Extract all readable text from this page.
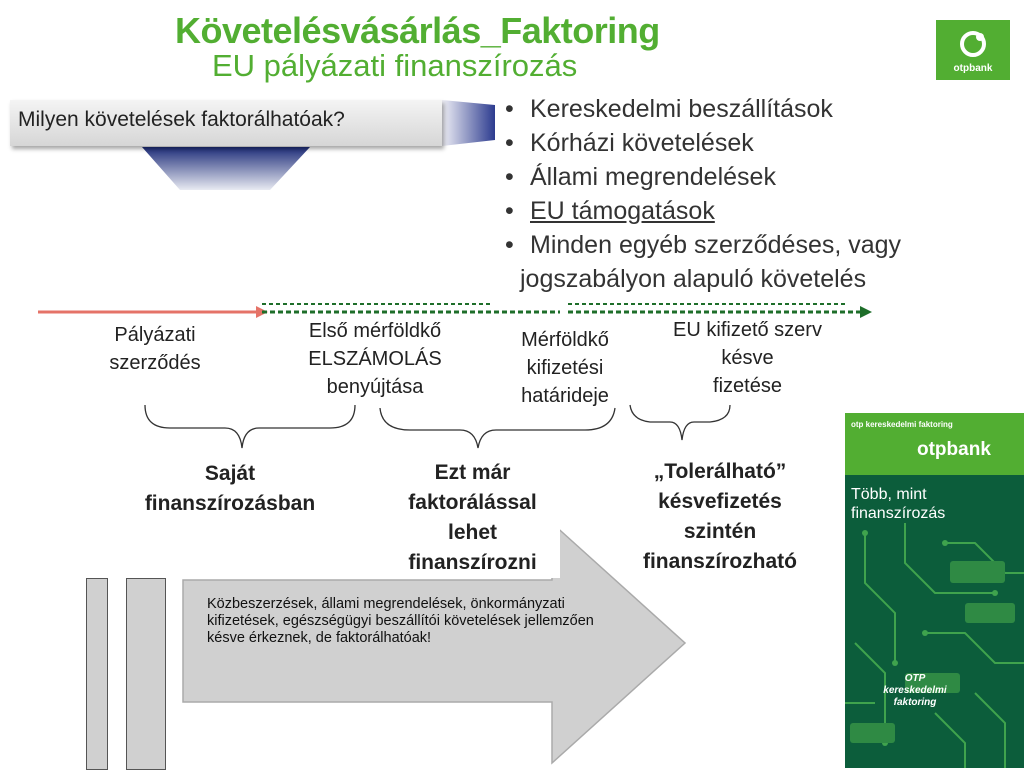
Követelésvásárlás_Faktoring
EU pályázati finanszírozás	otpbank
Milyen követelések faktorálhatóak?	• Kereskedelmi beszállítások
• Kórházi követelések
• Állami megrendelések
• EU támogatások
• Minden egyéb szerződéses, vagy
jogszabályon alapuló követelés
Pályázati
szerződés
Első mérföldkő
ELSZÁMOLÁS
benyújtása
Mérföldkő
kifizetési
határideje
EU kifizető szerv
késve
fizetése
Saját
finanszírozásban
Ezt már
faktorálással
lehet
finanszírozni
„Tolerálható”
késvefizetés
szintén
finanszírozható
Közbeszerzések, állami megrendelések, önkormányzati kifizetések, egészségügyi beszállítói követelések jellemzően késve érkeznek, de faktorálhatóak!
otp kereskedelmi faktoring
otpbank
Több, mint
finanszírozás
OTP
kereskedelmi
faktoring
